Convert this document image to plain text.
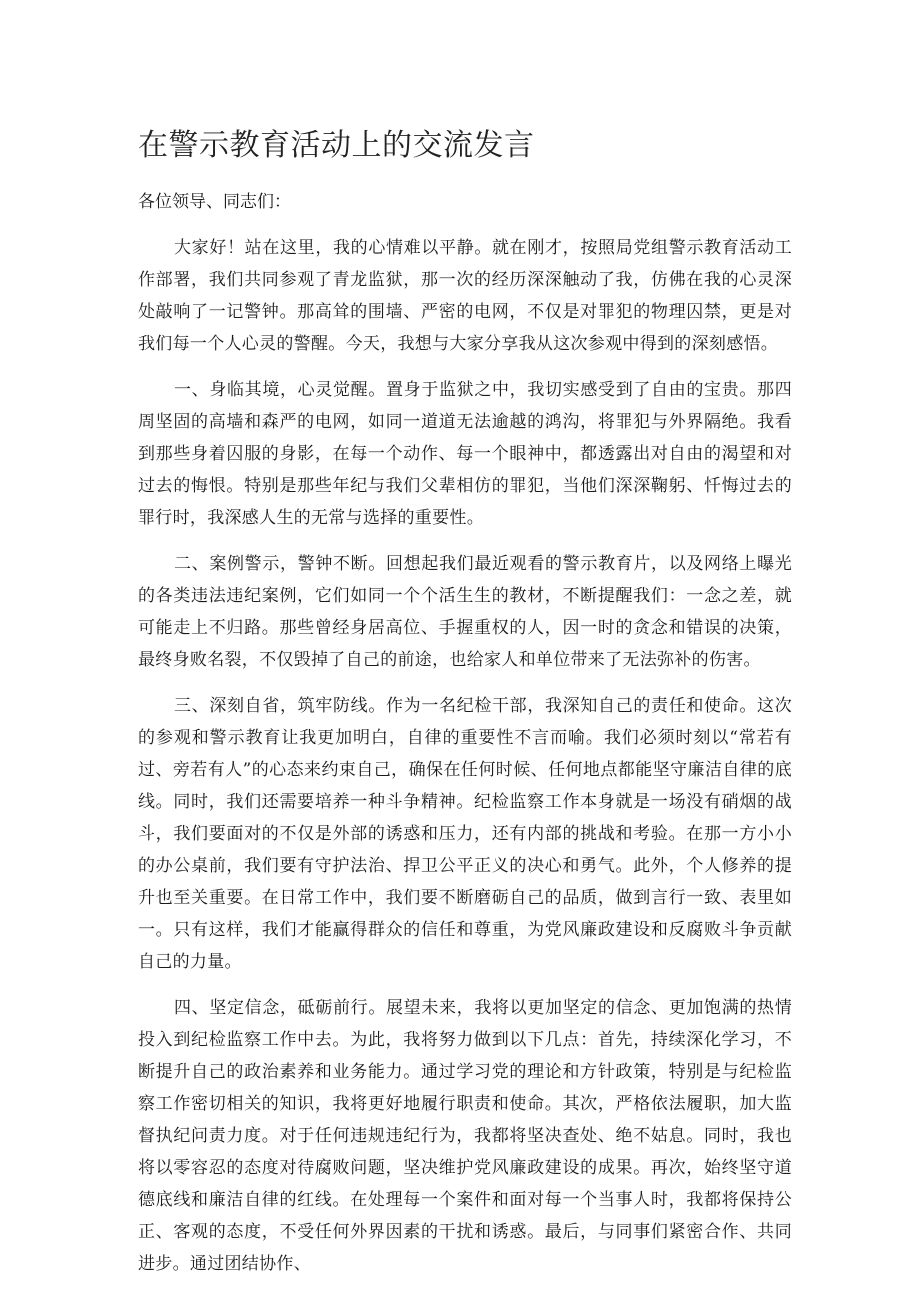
在警示教育活动上的交流发言

各位领导、同志们：

大家好！站在这里，我的心情难以平静。就在刚才，按照局党组警示教育活动工作部署，我们共同参观了青龙监狱，那一次的经历深深触动了我，仿佛在我的心灵深处敲响了一记警钟。那高耸的围墙、严密的电网，不仅是对罪犯的物理囚禁，更是对我们每一个人心灵的警醒。今天，我想与大家分享我从这次参观中得到的深刻感悟。

一、身临其境，心灵觉醒。置身于监狱之中，我切实感受到了自由的宝贵。那四周坚固的高墙和森严的电网，如同一道道无法逾越的鸿沟，将罪犯与外界隔绝。我看到那些身着囚服的身影，在每一个动作、每一个眼神中，都透露出对自由的渴望和对过去的悔恨。特别是那些年纪与我们父辈相仿的罪犯，当他们深深鞠躬、忏悔过去的罪行时，我深感人生的无常与选择的重要性。

二、案例警示，警钟不断。回想起我们最近观看的警示教育片，以及网络上曝光的各类违法违纪案例，它们如同一个个活生生的教材，不断提醒我们：一念之差，就可能走上不归路。那些曾经身居高位、手握重权的人，因一时的贪念和错误的决策，最终身败名裂，不仅毁掉了自己的前途，也给家人和单位带来了无法弥补的伤害。

三、深刻自省，筑牢防线。作为一名纪检干部，我深知自己的责任和使命。这次的参观和警示教育让我更加明白，自律的重要性不言而喻。我们必须时刻以“常若有过、旁若有人”的心态来约束自己，确保在任何时候、任何地点都能坚守廉洁自律的底线。同时，我们还需要培养一种斗争精神。纪检监察工作本身就是一场没有硝烟的战斗，我们要面对的不仅是外部的诱惑和压力，还有内部的挑战和考验。在那一方小小的办公桌前，我们要有守护法治、捍卫公平正义的决心和勇气。此外，个人修养的提升也至关重要。在日常工作中，我们要不断磨砺自己的品质，做到言行一致、表里如一。只有这样，我们才能赢得群众的信任和尊重，为党风廉政建设和反腐败斗争贡献自己的力量。

四、坚定信念，砥砺前行。展望未来，我将以更加坚定的信念、更加饱满的热情投入到纪检监察工作中去。为此，我将努力做到以下几点：首先，持续深化学习，不断提升自己的政治素养和业务能力。通过学习党的理论和方针政策，特别是与纪检监察工作密切相关的知识，我将更好地履行职责和使命。其次，严格依法履职，加大监督执纪问责力度。对于任何违规违纪行为，我都将坚决查处、绝不姑息。同时，我也将以零容忍的态度对待腐败问题，坚决维护党风廉政建设的成果。再次，始终坚守道德底线和廉洁自律的红线。在处理每一个案件和面对每一个当事人时，我都将保持公正、客观的态度，不受任何外界因素的干扰和诱惑。最后，与同事们紧密合作、共同进步。通过团结协作、
